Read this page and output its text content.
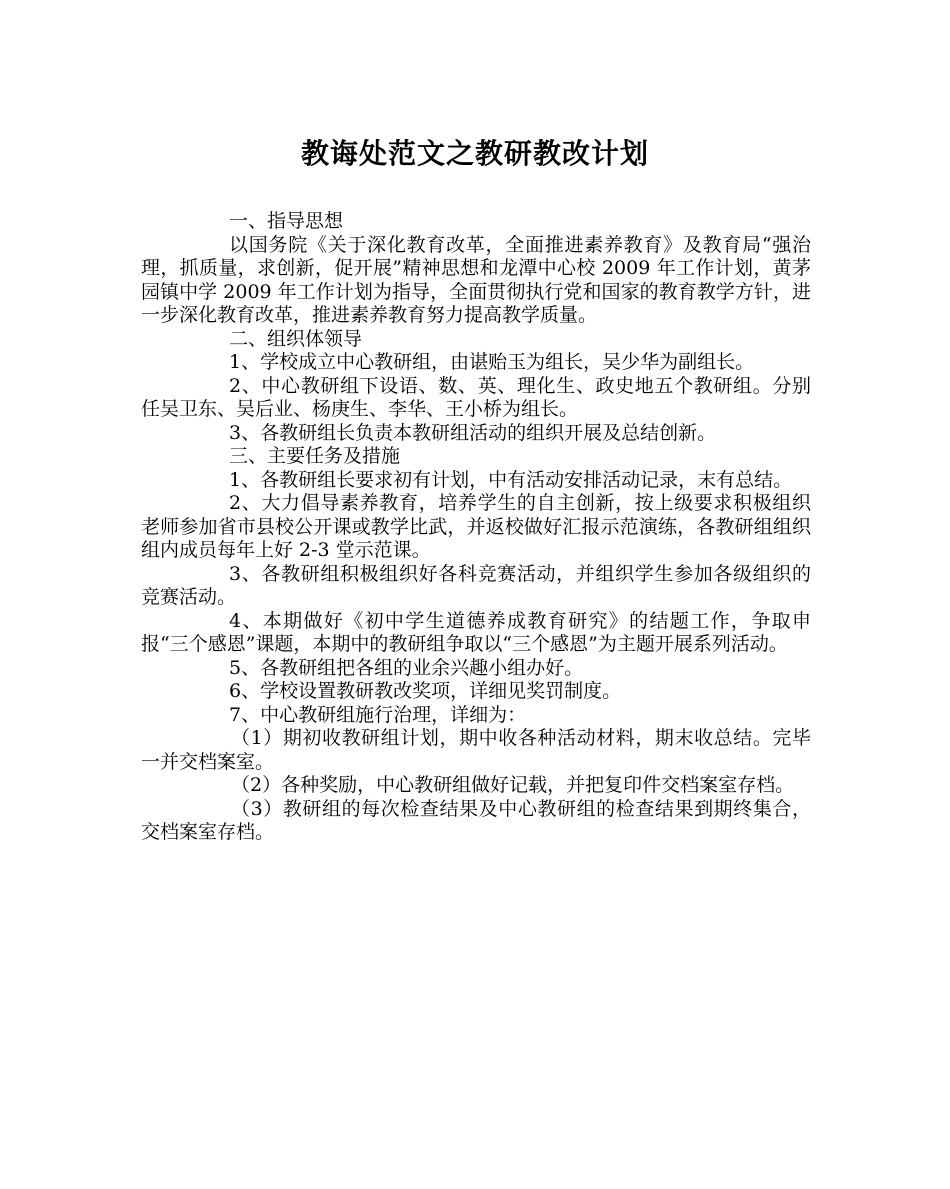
教诲处范文之教研教改计划

一、指导思想

以国务院《关于深化教育改革，全面推进素养教育》及教育局“强治理，抓质量，求创新，促开展”精神思想和龙潭中心校 2009 年工作计划，黄茅园镇中学 2009 年工作计划为指导，全面贯彻执行党和国家的教育教学方针，进一步深化教育改革，推进素养教育努力提高教学质量。

二、组织体领导

1、学校成立中心教研组，由谌贻玉为组长，吴少华为副组长。

2、中心教研组下设语、数、英、理化生、政史地五个教研组。分别任吴卫东、吴后业、杨庚生、李华、王小桥为组长。

3、各教研组长负责本教研组活动的组织开展及总结创新。

三、主要任务及措施

1、各教研组长要求初有计划，中有活动安排活动记录，末有总结。

2、大力倡导素养教育，培养学生的自主创新，按上级要求积极组织老师参加省市县校公开课或教学比武，并返校做好汇报示范演练，各教研组组织组内成员每年上好 2-3 堂示范课。

3、各教研组积极组织好各科竞赛活动，并组织学生参加各级组织的竞赛活动。

4、本期做好《初中学生道德养成教育研究》的结题工作，争取申报“三个感恩”课题，本期中的教研组争取以“三个感恩”为主题开展系列活动。

5、各教研组把各组的业余兴趣小组办好。

6、学校设置教研教改奖项，详细见奖罚制度。

7、中心教研组施行治理，详细为：

（1）期初收教研组计划，期中收各种活动材料，期末收总结。完毕一并交档案室。

（2）各种奖励，中心教研组做好记载，并把复印件交档案室存档。

（3）教研组的每次检查结果及中心教研组的检查结果到期终集合，交档案室存档。
